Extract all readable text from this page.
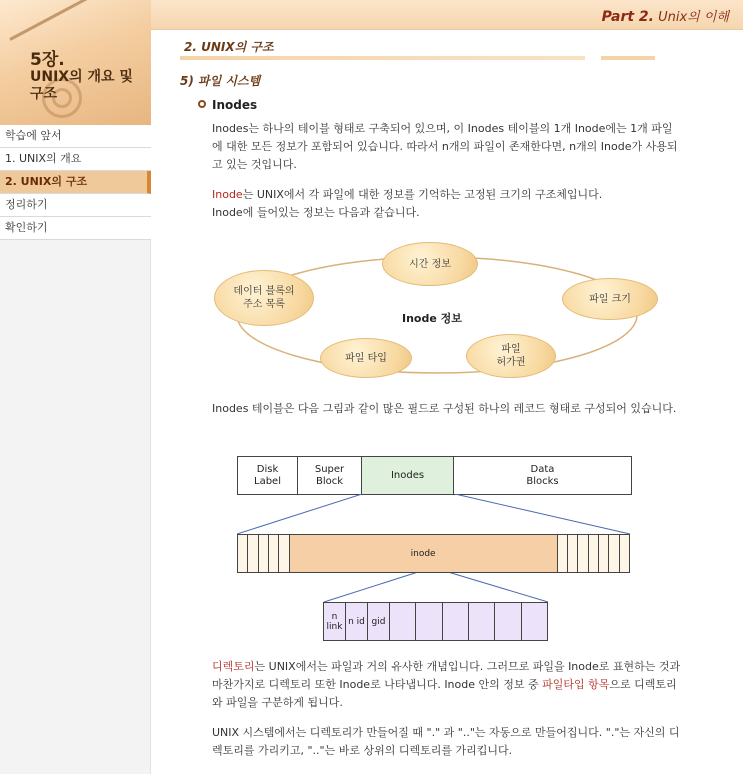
Part 2. Unix의 이해
5장.
UNIX의 개요 및
구조
학습에 앞서
1. UNIX의 개요
2. UNIX의 구조
정리하기
확인하기
2. UNIX의 구조
5) 파일 시스템
Inodes
Inodes는 하나의 테이블 형태로 구축되어 있으며, 이 Inodes 테이블의 1개 Inode에는 1개 파일에 대한 모든 정보가 포함되어 있습니다. 따라서 n개의 파일이 존재한다면, n개의 Inode가 사용되고 있는 것입니다.
Inode는 UNIX에서 각 파일에 대한 정보를 기억하는 고정된 크기의 구조체입니다.
Inode에 들어있는 정보는 다음과 같습니다.
시간 정보
파일 크기
파일
허가권
파일 타입
데이터 블록의
주소 목록
Inode 정보
Inodes 테이블은 다음 그림과 같이 많은 필드로 구성된 하나의 레코드 형태로 구성되어 있습니다.
Disk
Label	Super
Block	Inodes	Data
Blocks
					inode							
n
link	n id	gid						
디렉토리는 UNIX에서는 파일과 거의 유사한 개념입니다. 그러므로 파일을 Inode로 표현하는 것과 마찬가지로 디렉토리 또한 Inode로 나타냅니다. Inode 안의 정보 중 파일타입 항목으로 디렉토리와 파일을 구분하게 됩니다.
UNIX 시스템에서는 디렉토리가 만들어질 때 "." 과 ".."는 자동으로 만들어집니다. "."는 자신의 디렉토리를 가리키고, ".."는 바로 상위의 디렉토리를 가리킵니다.
